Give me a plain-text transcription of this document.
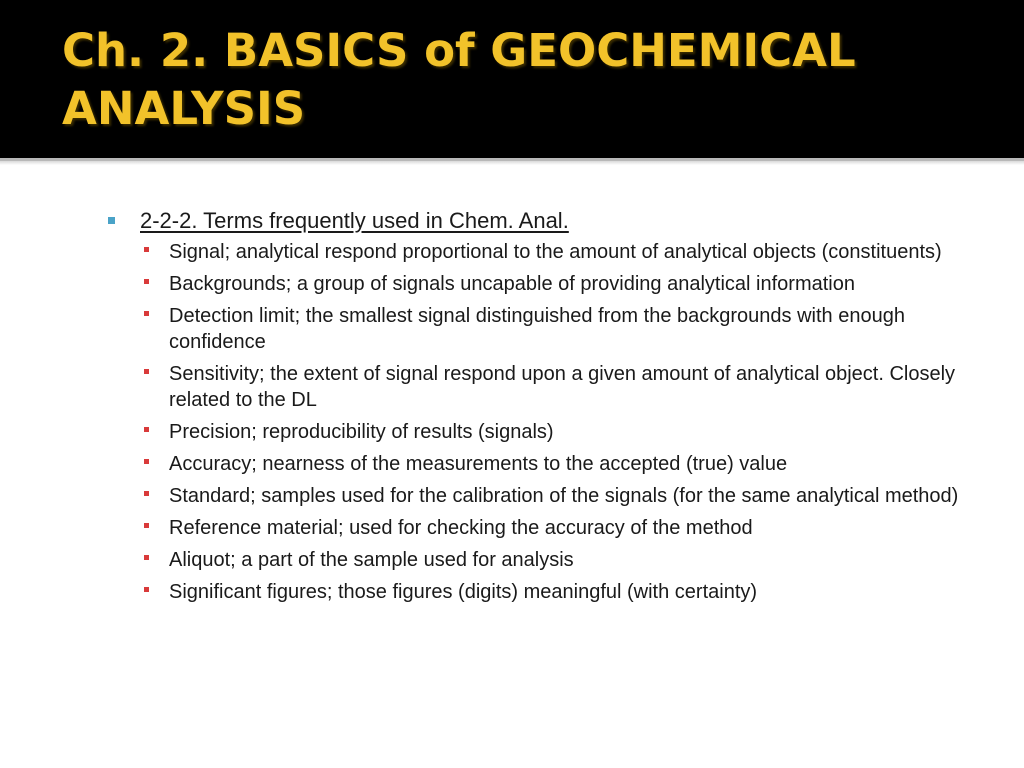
Ch. 2. BASICS of GEOCHEMICAL ANALYSIS
2-2-2. Terms frequently used in Chem. Anal.
Signal; analytical respond proportional to the amount of analytical objects (constituents)
Backgrounds; a group of signals uncapable of providing analytical information
Detection limit; the smallest signal distinguished from the backgrounds with enough confidence
Sensitivity; the extent of signal respond upon a given amount of analytical object. Closely related to the DL
Precision; reproducibility of results (signals)
Accuracy; nearness of the measurements to the accepted (true) value
Standard; samples used for the calibration of the signals (for the same analytical method)
Reference material; used for checking the accuracy of the method
Aliquot; a part of the sample used for analysis
Significant figures; those figures (digits) meaningful (with certainty)
